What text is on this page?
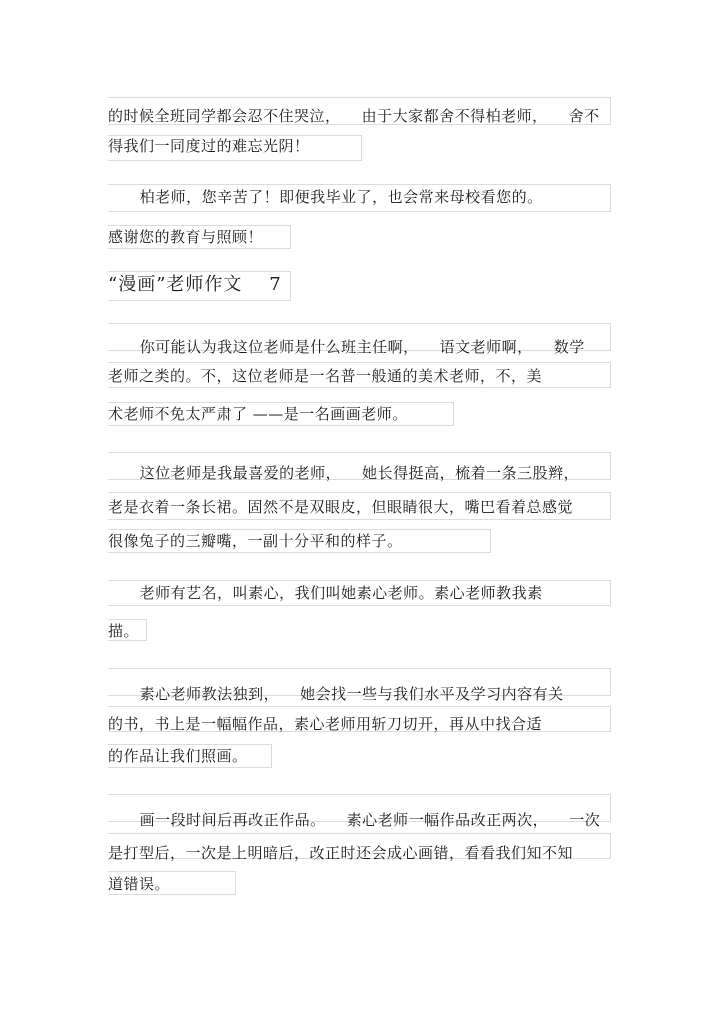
的时候全班同学都会忍不住哭泣，    由于大家都舍不得柏老师，    舍不
得我们一同度过的难忘光阴！
柏老师，您辛苦了！即便我毕业了，也会常来母校看您的。
感谢您的教育与照顾！
“漫画”老师作文    7
你可能认为我这位老师是什么班主任啊，    语文老师啊，    数学
老师之类的。不，这位老师是一名普一般通的美术老师，不，美
术老师不免太严肃了 ——是一名画画老师。
这位老师是我最喜爱的老师，    她长得挺高，梳着一条三股辫，
老是衣着一条长裙。固然不是双眼皮，但眼睛很大，嘴巴看着总感觉
很像兔子的三瓣嘴，一副十分平和的样子。
老师有艺名，叫素心，我们叫她素心老师。素心老师教我素
描。
素心老师教法独到，    她会找一些与我们水平及学习内容有关
的书，书上是一幅幅作品，素心老师用斩刀切开，再从中找合适
的作品让我们照画。
画一段时间后再改正作品。    素心老师一幅作品改正两次，    一次
是打型后，一次是上明暗后，改正时还会成心画错，看看我们知不知
道错误。
